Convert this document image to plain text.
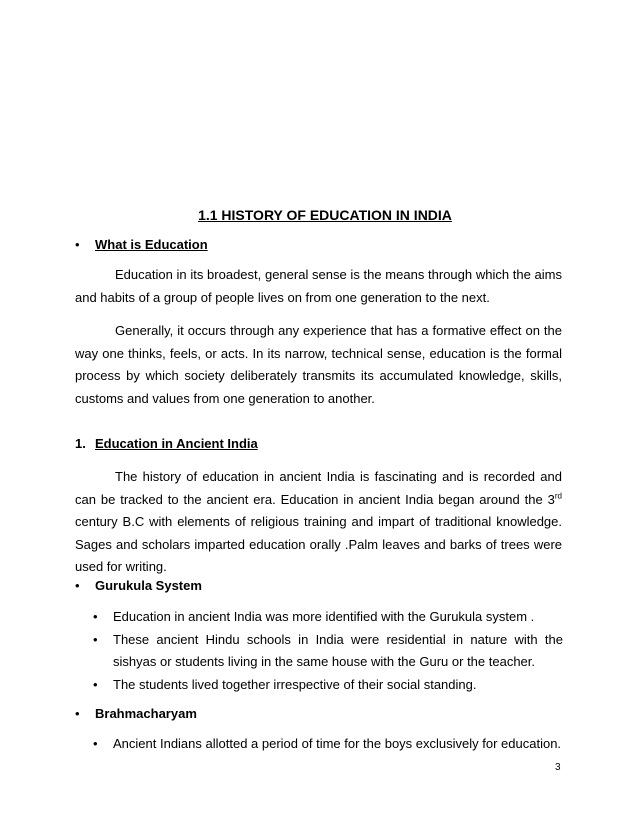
1.1 HISTORY OF EDUCATION IN INDIA
• What is Education

Education in its broadest, general sense is the means through which the aims and habits of a group of people lives on from one generation to the next.

Generally, it occurs through any experience that has a formative effect on the way one thinks, feels, or acts. In its narrow, technical sense, education is the formal process by which society deliberately transmits its accumulated knowledge, skills, customs and values from one generation to another.

1. Education in Ancient India

The history of education in ancient India is fascinating and is recorded and can be tracked to the ancient era. Education in ancient India began around the 3rd century B.C with elements of religious training and impart of traditional knowledge. Sages and scholars imparted education orally .Palm leaves and barks of trees were used for writing.

• Gurukula System
• Education in ancient India was more identified with the Gurukula system .
• These ancient Hindu schools in India were residential in nature with the sishyas or students living in the same house with the Guru or the teacher.
• The students lived together irrespective of their social standing.
• Brahmacharyam
• Ancient Indians allotted a period of time for the boys exclusively for education.
3
